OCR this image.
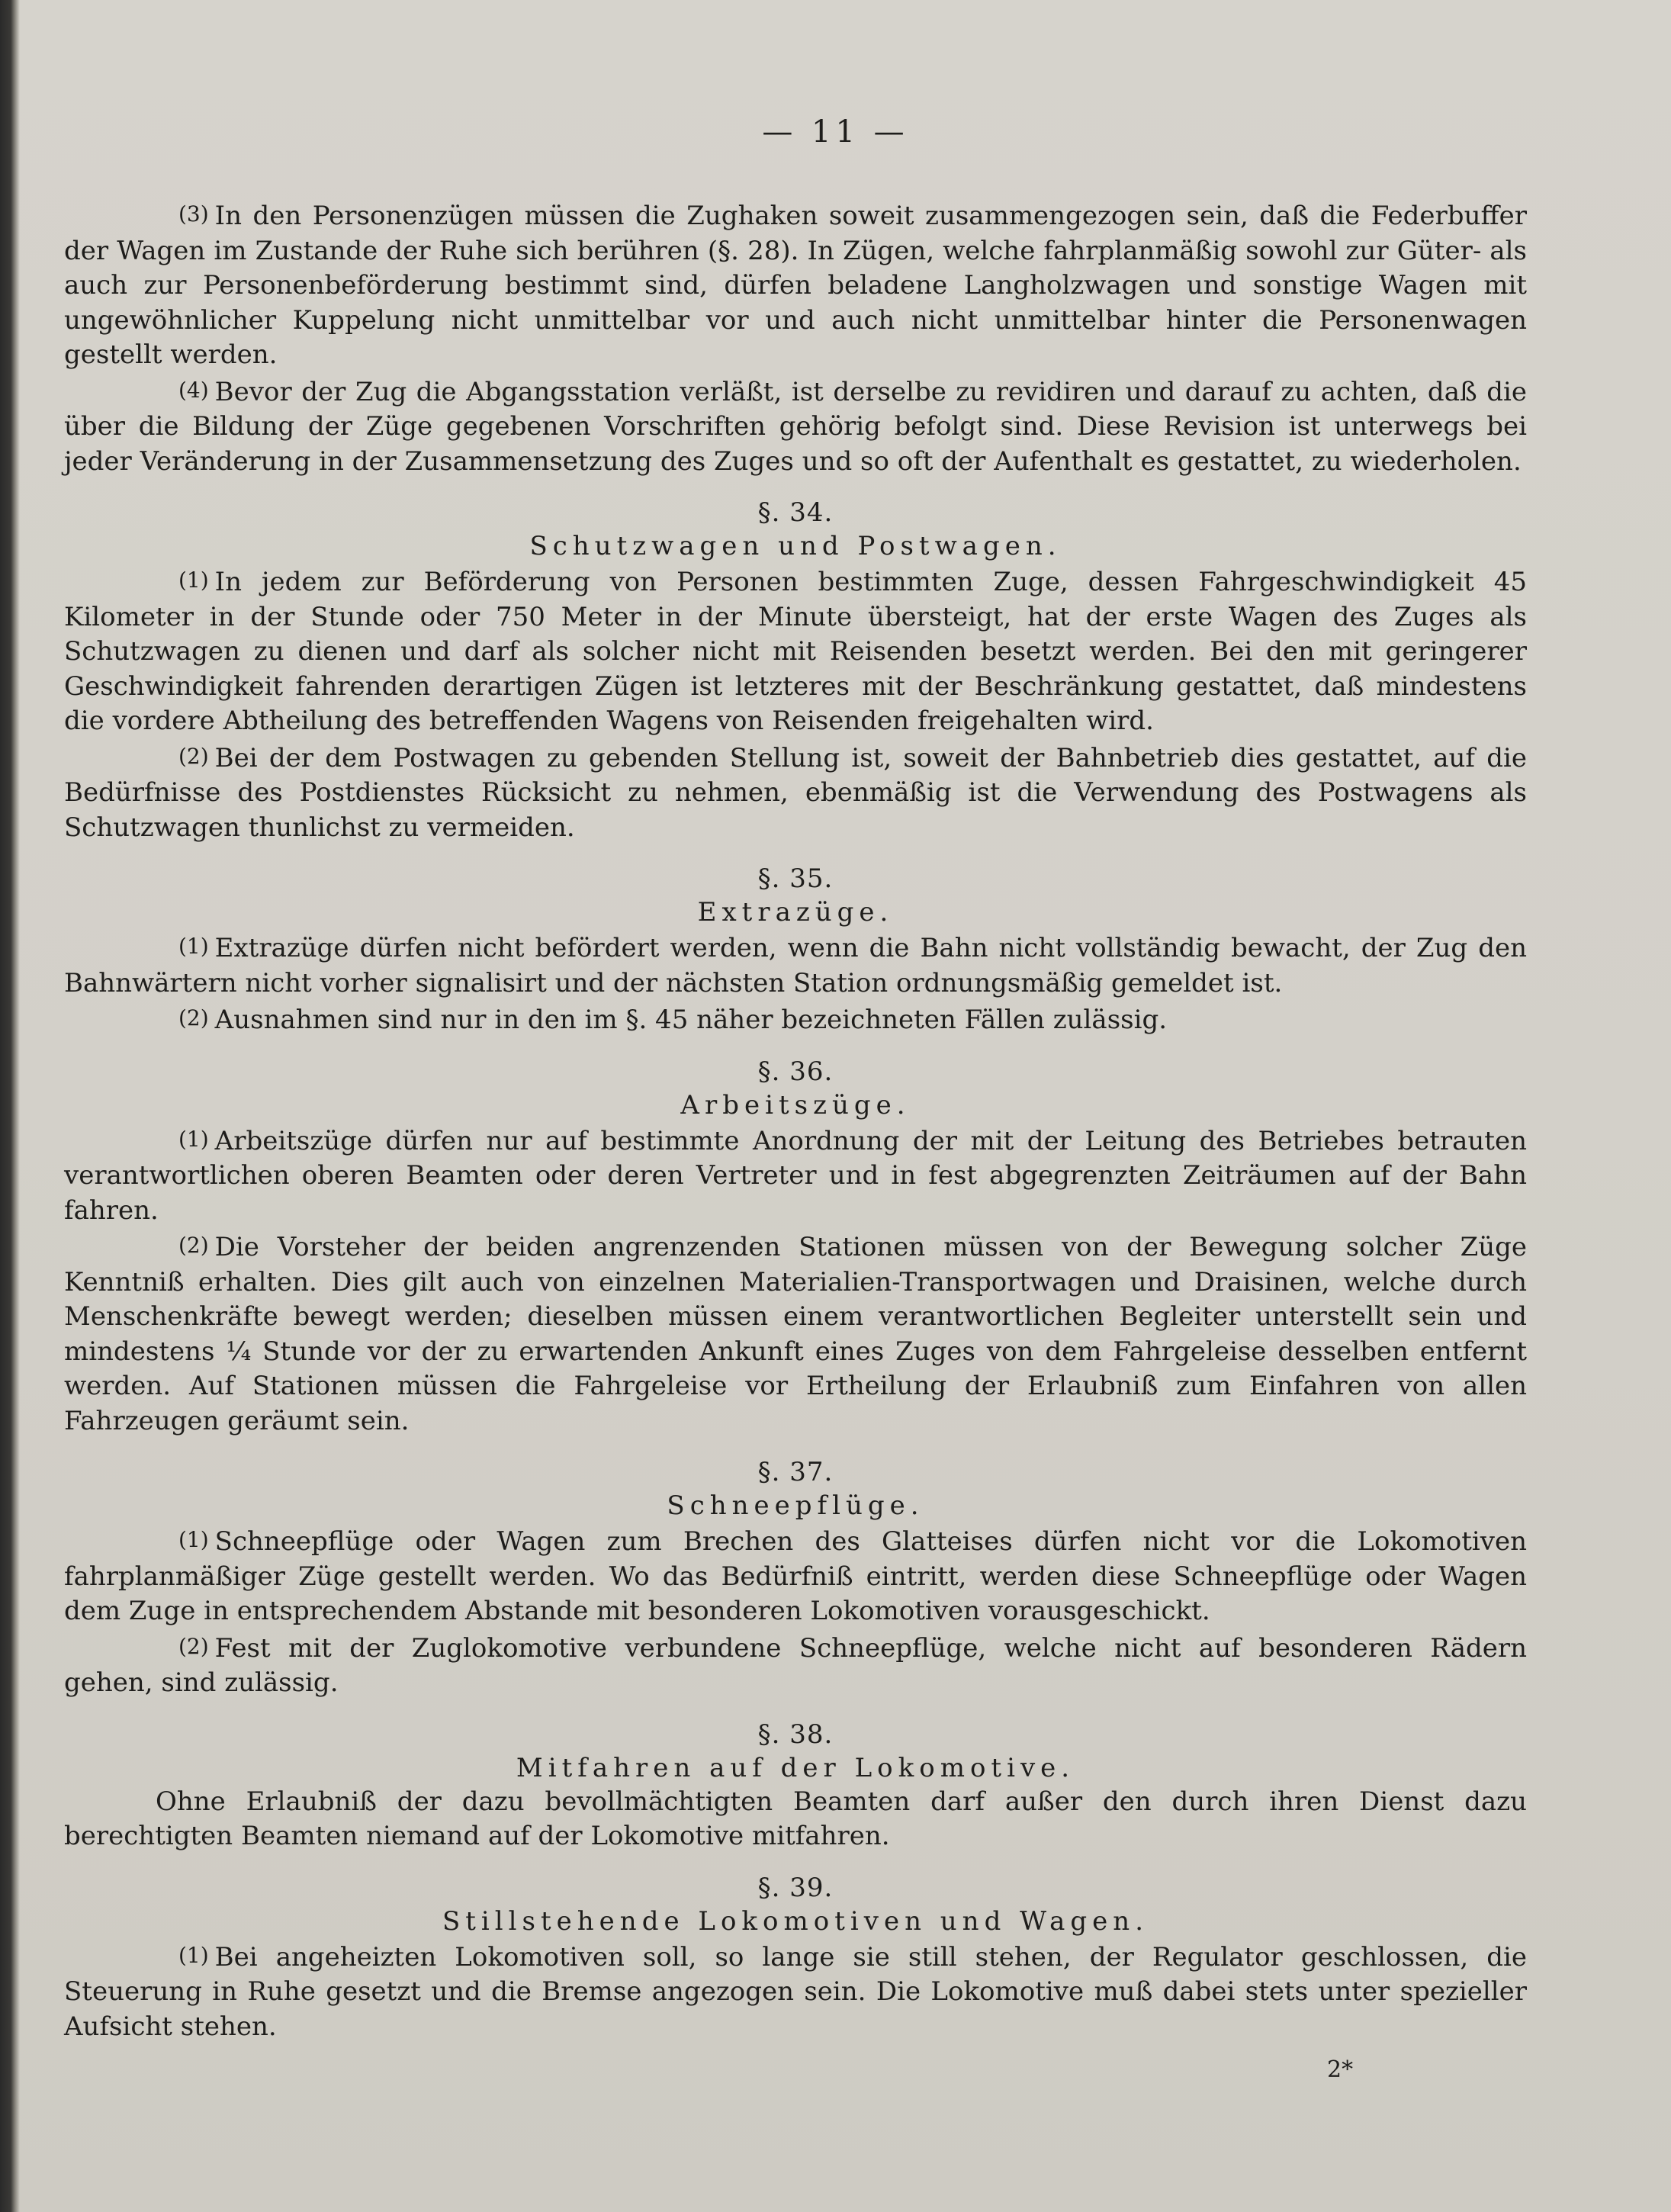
— 11 —

(3) In den Personenzügen müssen die Zughaken soweit zusammengezogen sein, daß die Federbuffer der Wagen im Zustande der Ruhe sich berühren (§. 28). In Zügen, welche fahrplanmäßig sowohl zur Güter- als auch zur Personenbeförderung bestimmt sind, dürfen beladene Langholzwagen und sonstige Wagen mit ungewöhnlicher Kuppelung nicht unmittelbar vor und auch nicht unmittelbar hinter die Personenwagen gestellt werden.

(4) Bevor der Zug die Abgangsstation verläßt, ist derselbe zu revidiren und darauf zu achten, daß die über die Bildung der Züge gegebenen Vorschriften gehörig befolgt sind. Diese Revision ist unterwegs bei jeder Veränderung in der Zusammensetzung des Zuges und so oft der Aufenthalt es gestattet, zu wiederholen.

§. 34.
Schutzwagen und Postwagen.

(1) In jedem zur Beförderung von Personen bestimmten Zuge, dessen Fahrgeschwindigkeit 45 Kilometer in der Stunde oder 750 Meter in der Minute übersteigt, hat der erste Wagen des Zuges als Schutzwagen zu dienen und darf als solcher nicht mit Reisenden besetzt werden. Bei den mit geringerer Geschwindigkeit fahrenden derartigen Zügen ist letzteres mit der Beschränkung gestattet, daß mindestens die vordere Abtheilung des betreffenden Wagens von Reisenden freigehalten wird.

(2) Bei der dem Postwagen zu gebenden Stellung ist, soweit der Bahnbetrieb dies gestattet, auf die Bedürfnisse des Postdienstes Rücksicht zu nehmen, ebenmäßig ist die Verwendung des Postwagens als Schutzwagen thunlichst zu vermeiden.

§. 35.
Extrazüge.

(1) Extrazüge dürfen nicht befördert werden, wenn die Bahn nicht vollständig bewacht, der Zug den Bahnwärtern nicht vorher signalisirt und der nächsten Station ordnungsmäßig gemeldet ist.

(2) Ausnahmen sind nur in den im §. 45 näher bezeichneten Fällen zulässig.

§. 36.
Arbeitszüge.

(1) Arbeitszüge dürfen nur auf bestimmte Anordnung der mit der Leitung des Betriebes betrauten verantwortlichen oberen Beamten oder deren Vertreter und in fest abgegrenzten Zeiträumen auf der Bahn fahren.

(2) Die Vorsteher der beiden angrenzenden Stationen müssen von der Bewegung solcher Züge Kenntniß erhalten. Dies gilt auch von einzelnen Materialien-Transportwagen und Draisinen, welche durch Menschenkräfte bewegt werden; dieselben müssen einem verantwortlichen Begleiter unterstellt sein und mindestens ¼ Stunde vor der zu erwartenden Ankunft eines Zuges von dem Fahrgeleise desselben entfernt werden. Auf Stationen müssen die Fahrgeleise vor Ertheilung der Erlaubniß zum Einfahren von allen Fahrzeugen geräumt sein.

§. 37.
Schneepflüge.

(1) Schneepflüge oder Wagen zum Brechen des Glatteises dürfen nicht vor die Lokomotiven fahrplanmäßiger Züge gestellt werden. Wo das Bedürfniß eintritt, werden diese Schneepflüge oder Wagen dem Zuge in entsprechendem Abstande mit besonderen Lokomotiven vorausgeschickt.

(2) Fest mit der Zuglokomotive verbundene Schneepflüge, welche nicht auf besonderen Rädern gehen, sind zulässig.

§. 38.
Mitfahren auf der Lokomotive.

Ohne Erlaubniß der dazu bevollmächtigten Beamten darf außer den durch ihren Dienst dazu berechtigten Beamten niemand auf der Lokomotive mitfahren.

§. 39.
Stillstehende Lokomotiven und Wagen.

(1) Bei angeheizten Lokomotiven soll, so lange sie still stehen, der Regulator geschlossen, die Steuerung in Ruhe gesetzt und die Bremse angezogen sein. Die Lokomotive muß dabei stets unter spezieller Aufsicht stehen.

2*
